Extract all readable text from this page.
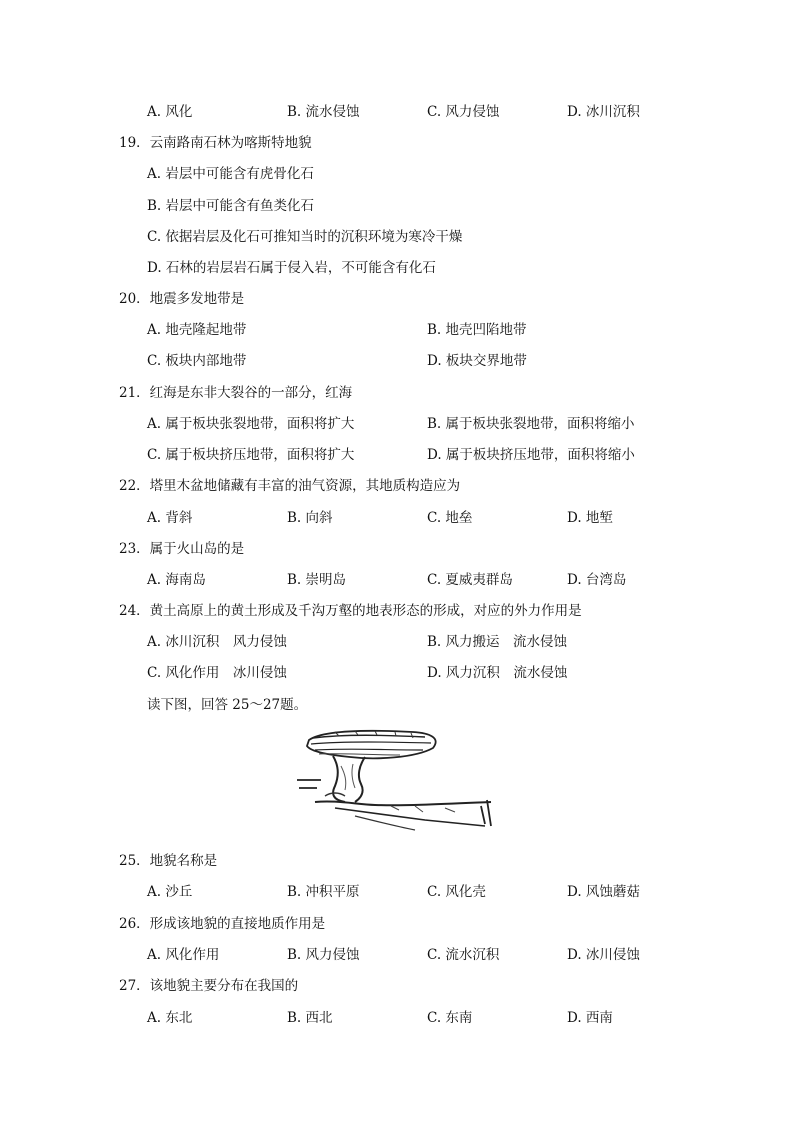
A. 风化	B. 流水侵蚀	C. 风力侵蚀	D. 冰川沉积
19．云南路南石林为喀斯特地貌
A. 岩层中可能含有虎骨化石
B. 岩层中可能含有鱼类化石
C. 依据岩层及化石可推知当时的沉积环境为寒冷干燥
D. 石林的岩层岩石属于侵入岩，不可能含有化石
20．地震多发地带是
A. 地壳隆起地带	B. 地壳凹陷地带
C. 板块内部地带	D. 板块交界地带
21．红海是东非大裂谷的一部分，红海
A. 属于板块张裂地带，面积将扩大	B. 属于板块张裂地带，面积将缩小
C. 属于板块挤压地带，面积将扩大	D. 属于板块挤压地带，面积将缩小
22．塔里木盆地储藏有丰富的油气资源，其地质构造应为
A. 背斜	B. 向斜	C. 地垒	D. 地堑
23．属于火山岛的是
A. 海南岛	B. 崇明岛	C. 夏威夷群岛	D. 台湾岛
24．黄土高原上的黄土形成及千沟万壑的地表形态的形成，对应的外力作用是
A. 冰川沉积　风力侵蚀	B. 风力搬运　流水侵蚀
C. 风化作用　冰川侵蚀	D. 风力沉积　流水侵蚀
读下图，回答 25～27题。
25．地貌名称是
A. 沙丘	B. 冲积平原	C. 风化壳	D. 风蚀蘑菇
26．形成该地貌的直接地质作用是
A. 风化作用	B. 风力侵蚀	C. 流水沉积	D. 冰川侵蚀
27．该地貌主要分布在我国的
A. 东北	B. 西北	C. 东南	D. 西南
